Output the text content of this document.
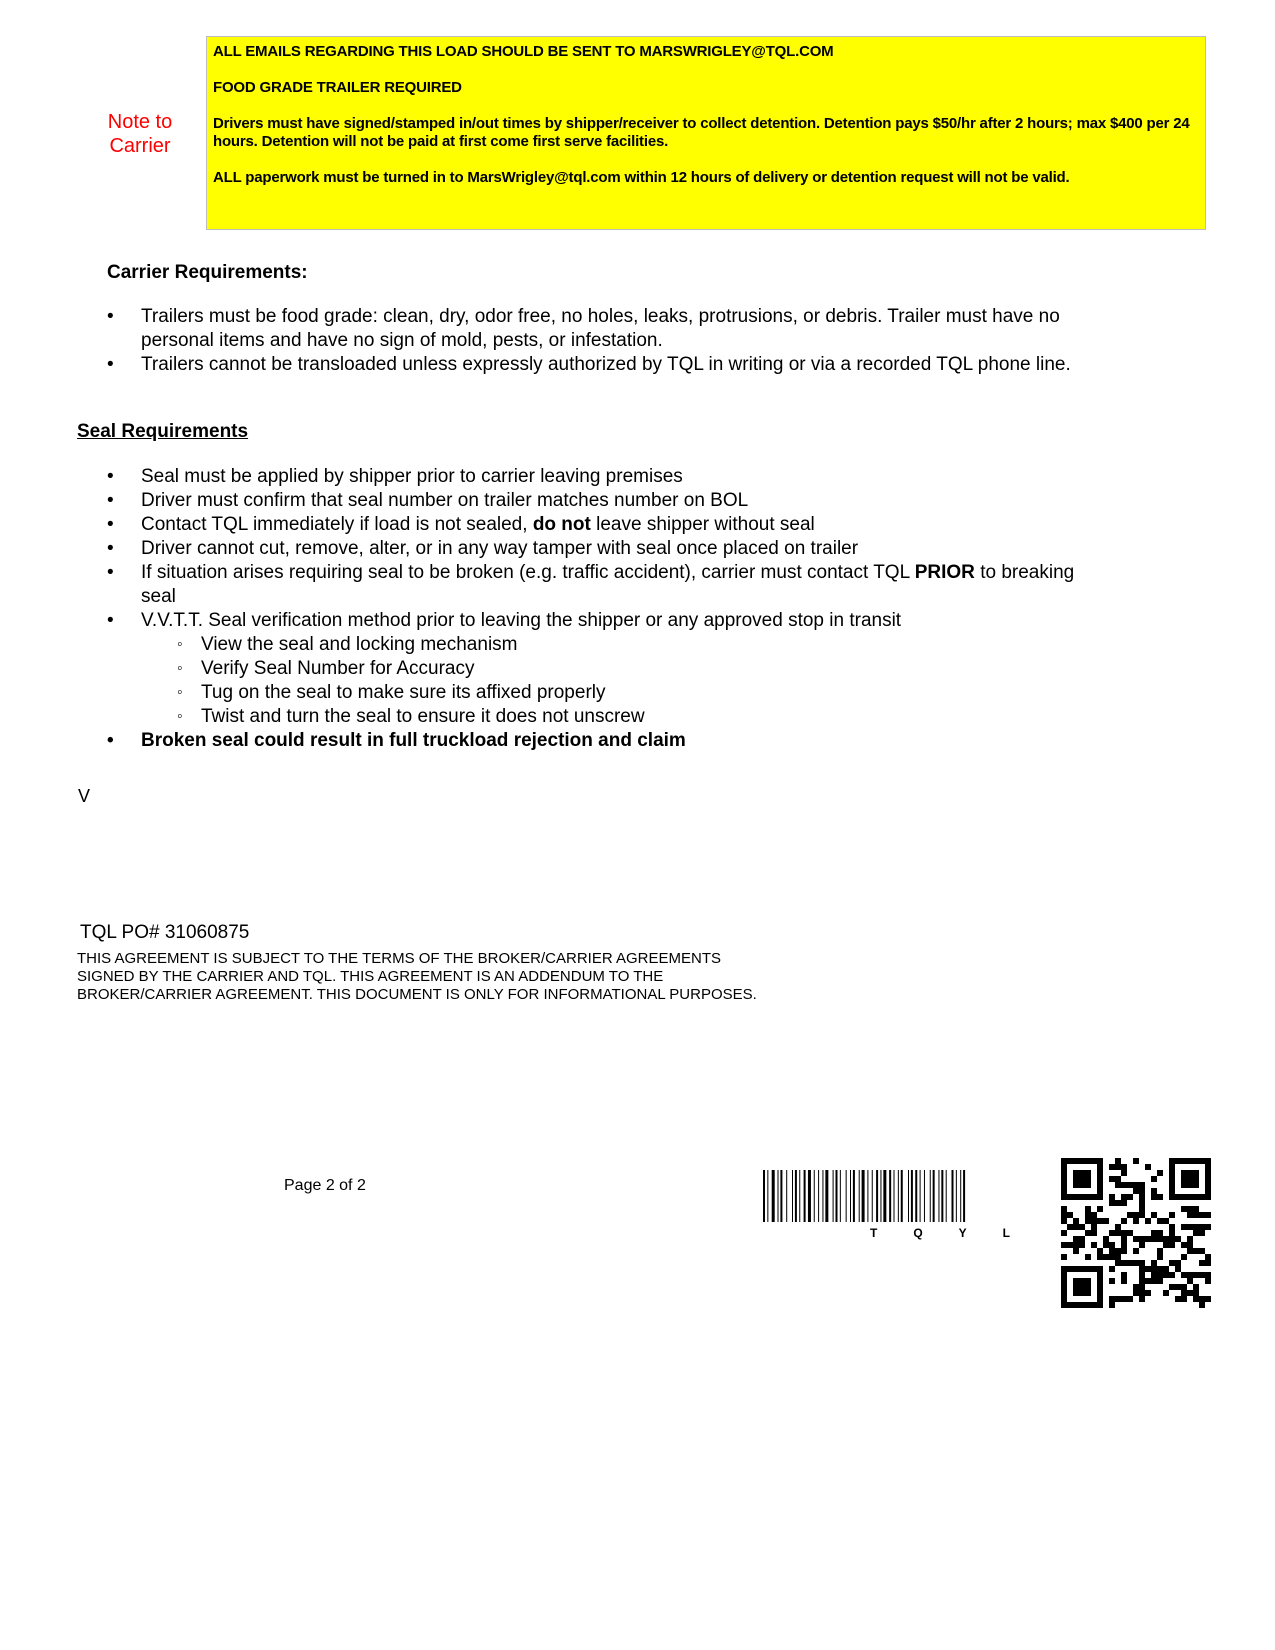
Note to Carrier

ALL EMAILS REGARDING THIS LOAD SHOULD BE SENT TO MARSWRIGLEY@TQL.COM

FOOD GRADE TRAILER REQUIRED

Drivers must have signed/stamped in/out times by shipper/receiver to collect detention. Detention pays $50/hr after 2 hours; max $400 per 24 hours. Detention will not be paid at first come first serve facilities.

ALL paperwork must be turned in to MarsWrigley@tql.com within 12 hours of delivery or detention request will not be valid.

Carrier Requirements:
• Trailers must be food grade: clean, dry, odor free, no holes, leaks, protrusions, or debris. Trailer must have no personal items and have no sign of mold, pests, or infestation.
• Trailers cannot be transloaded unless expressly authorized by TQL in writing or via a recorded TQL phone line.
Seal Requirements
• Seal must be applied by shipper prior to carrier leaving premises
• Driver must confirm that seal number on trailer matches number on BOL
• Contact TQL immediately if load is not sealed, do not leave shipper without seal
• Driver cannot cut, remove, alter, or in any way tamper with seal once placed on trailer
• If situation arises requiring seal to be broken (e.g. traffic accident), carrier must contact TQL PRIOR to breaking seal
• V.V.T.T. Seal verification method prior to leaving the shipper or any approved stop in transit
◦ View the seal and locking mechanism
◦ Verify Seal Number for Accuracy
◦ Tug on the seal to make sure its affixed properly
◦ Twist and turn the seal to ensure it does not unscrew
• Broken seal could result in full truckload rejection and claim
V
TQL PO# 31060875
THIS AGREEMENT IS SUBJECT TO THE TERMS OF THE BROKER/CARRIER AGREEMENTS SIGNED BY THE CARRIER AND TQL. THIS AGREEMENT IS AN ADDENDUM TO THE BROKER/CARRIER AGREEMENT. THIS DOCUMENT IS ONLY FOR INFORMATIONAL PURPOSES.
Page 2 of 2
T	Q	Y	L
